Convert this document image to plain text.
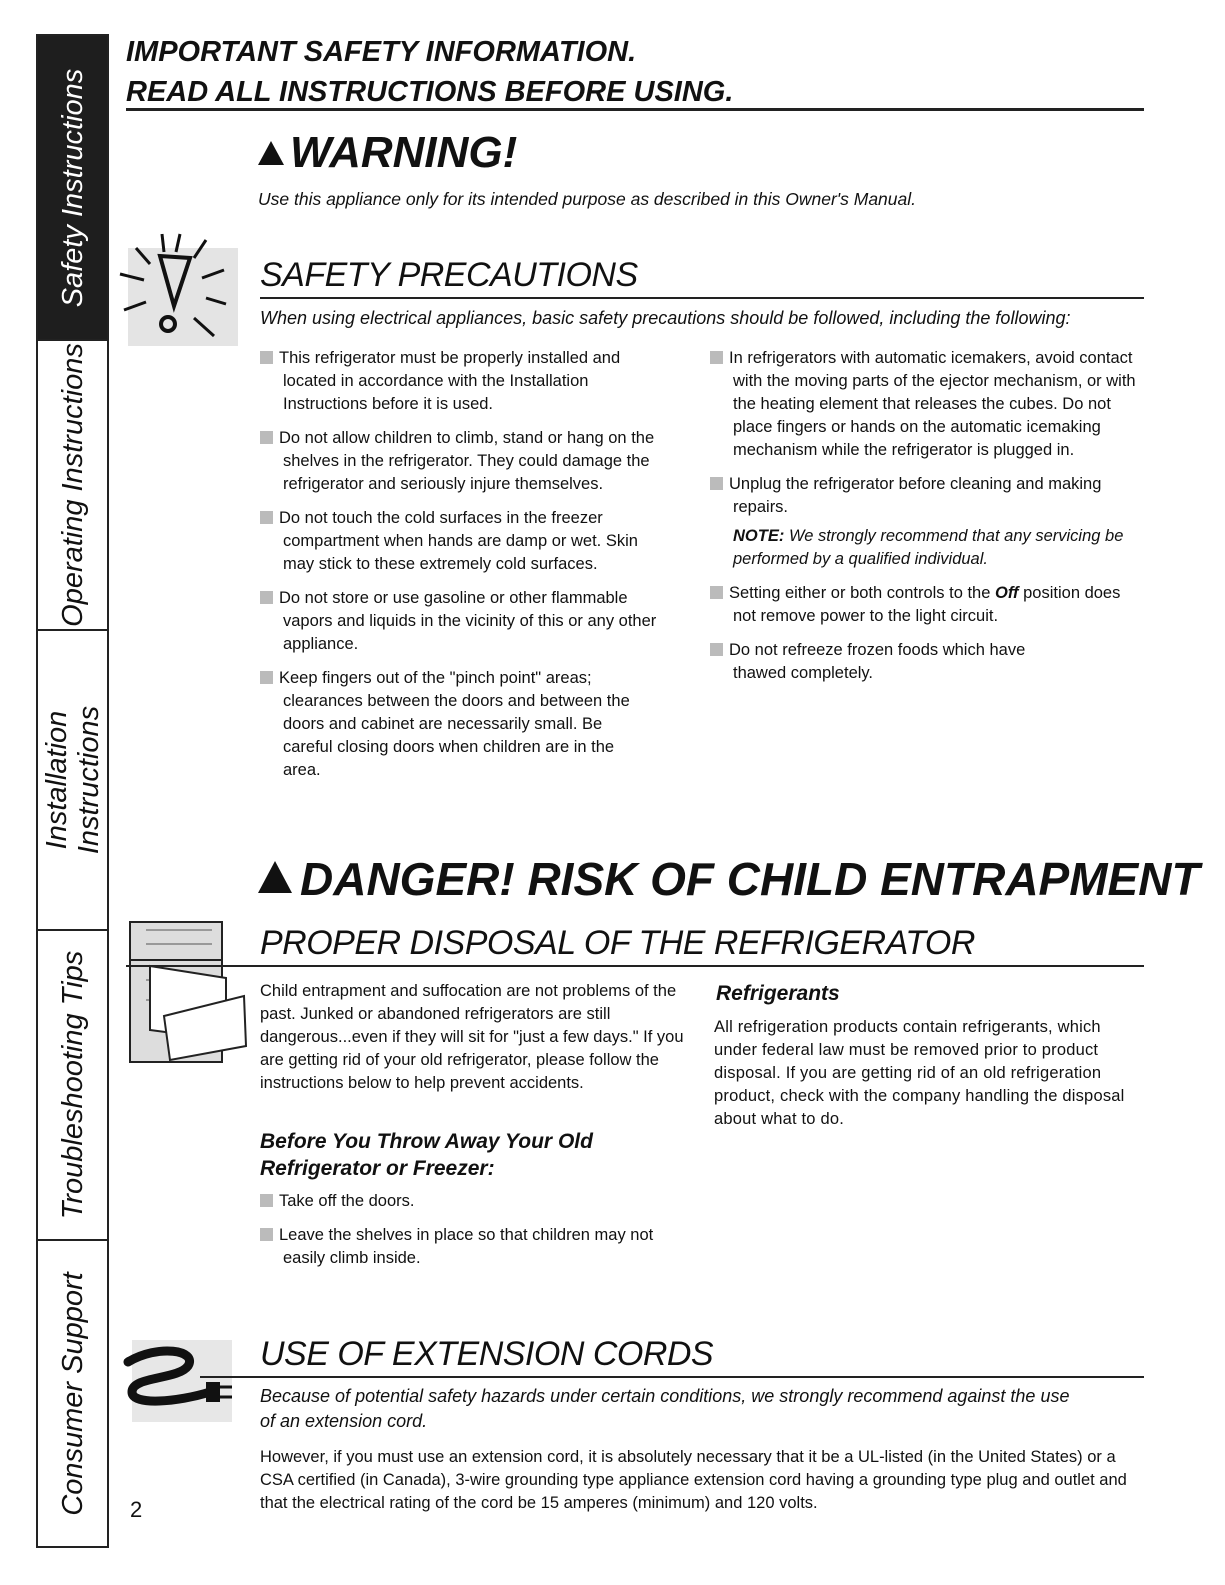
Safety Instructions
Operating Instructions
Installation Instructions
Troubleshooting Tips
Consumer Support
IMPORTANT SAFETY INFORMATION.
READ ALL INSTRUCTIONS BEFORE USING.
WARNING!
Use this appliance only for its intended purpose as described in this Owner's Manual.
SAFETY PRECAUTIONS
When using electrical appliances, basic safety precautions should be followed, including the following:
This refrigerator must be properly installed and located in accordance with the Installation Instructions before it is used.
Do not allow children to climb, stand or hang on the shelves in the refrigerator. They could damage the refrigerator and seriously injure themselves.
Do not touch the cold surfaces in the freezer compartment when hands are damp or wet. Skin may stick to these extremely cold surfaces.
Do not store or use gasoline or other flammable vapors and liquids in the vicinity of this or any other appliance.
Keep fingers out of the "pinch point" areas; clearances between the doors and between the doors and cabinet are necessarily small. Be careful closing doors when children are in the area.
In refrigerators with automatic icemakers, avoid contact with the moving parts of the ejector mechanism, or with the heating element that releases the cubes. Do not place fingers or hands on the automatic icemaking mechanism while the refrigerator is plugged in.
Unplug the refrigerator before cleaning and making repairs.
NOTE: We strongly recommend that any servicing be performed by a qualified individual.
Setting either or both controls to the Off position does not remove power to the light circuit.
Do not refreeze frozen foods which have thawed completely.
DANGER! RISK OF CHILD ENTRAPMENT
PROPER DISPOSAL OF THE REFRIGERATOR
Child entrapment and suffocation are not problems of the past. Junked or abandoned refrigerators are still dangerous...even if they will sit for "just a few days." If you are getting rid of your old refrigerator, please follow the instructions below to help prevent accidents.
Before You Throw Away Your Old Refrigerator or Freezer:
Take off the doors.
Leave the shelves in place so that children may not easily climb inside.
Refrigerants
All refrigeration products contain refrigerants, which under federal law must be removed prior to product disposal. If you are getting rid of an old refrigeration product, check with the company handling the disposal about what to do.
USE OF EXTENSION CORDS
Because of potential safety hazards under certain conditions, we strongly recommend against the use of an extension cord.
However, if you must use an extension cord, it is absolutely necessary that it be a UL-listed (in the United States) or a CSA certified (in Canada), 3-wire grounding type appliance extension cord having a grounding type plug and outlet and that the electrical rating of the cord be 15 amperes (minimum) and 120 volts.
2
